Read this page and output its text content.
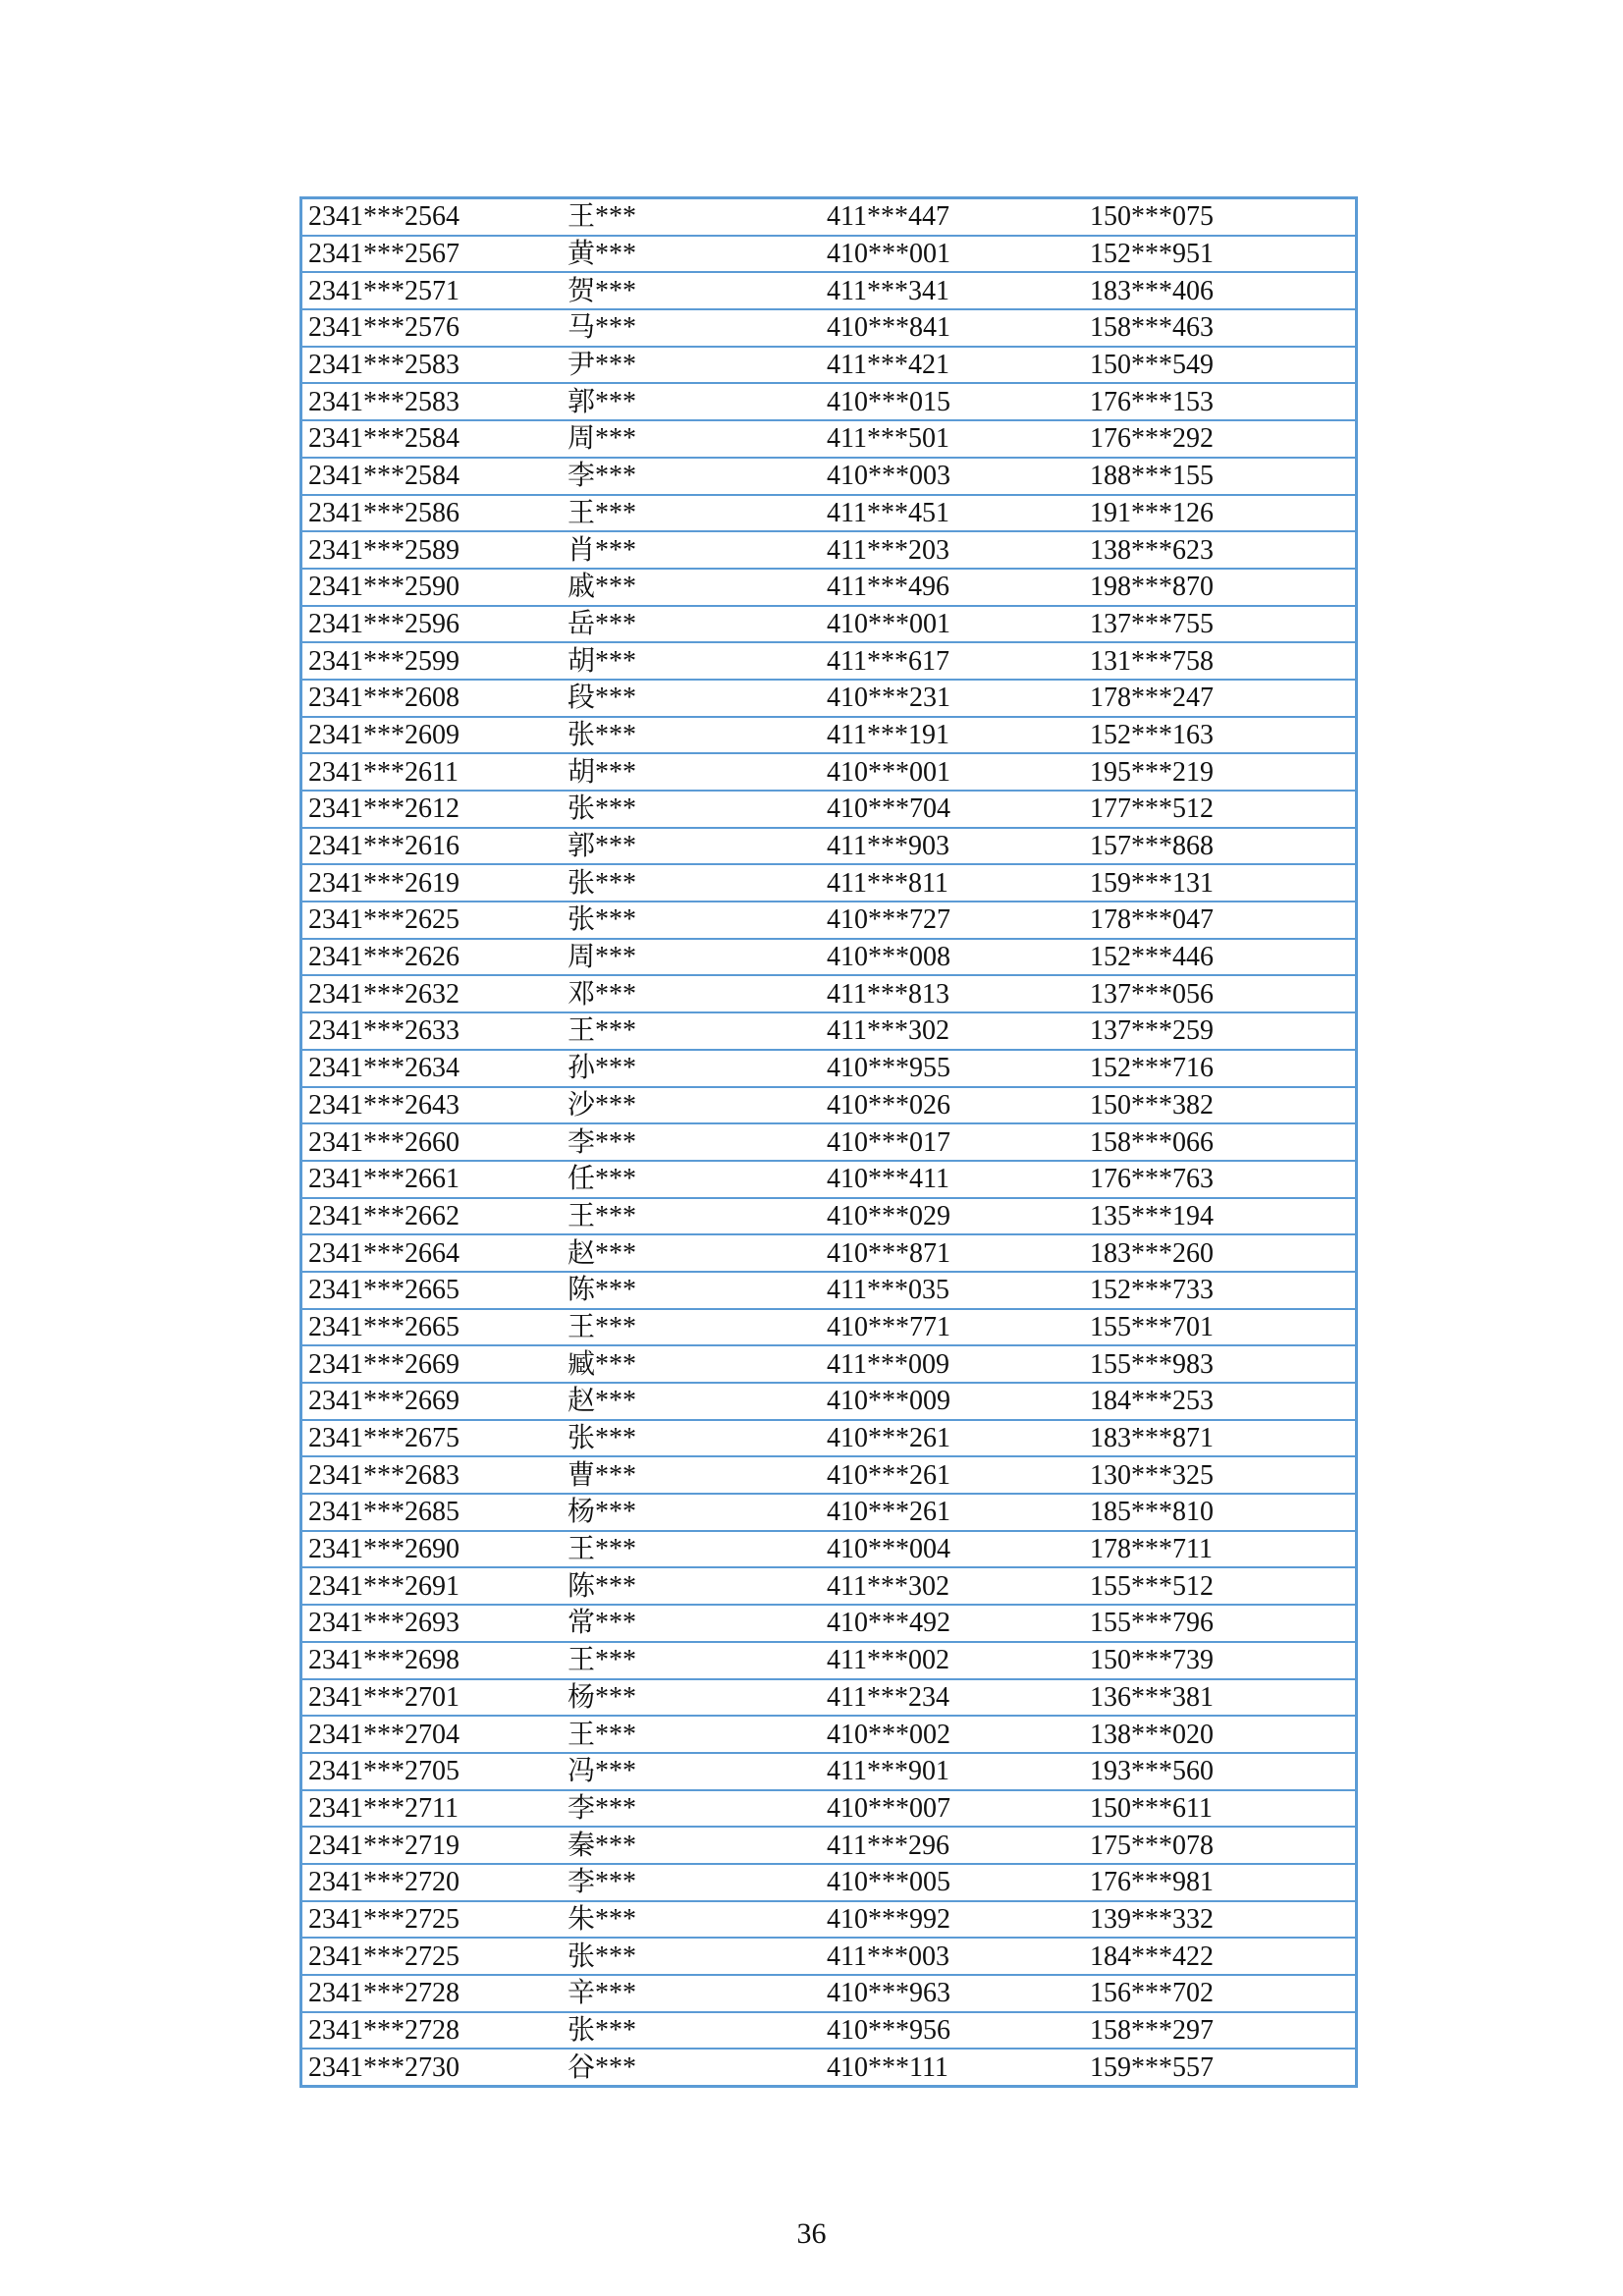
2341***2564	王***	411***447	150***075
2341***2567	黄***	410***001	152***951
2341***2571	贺***	411***341	183***406
2341***2576	马***	410***841	158***463
2341***2583	尹***	411***421	150***549
2341***2583	郭***	410***015	176***153
2341***2584	周***	411***501	176***292
2341***2584	李***	410***003	188***155
2341***2586	王***	411***451	191***126
2341***2589	肖***	411***203	138***623
2341***2590	戚***	411***496	198***870
2341***2596	岳***	410***001	137***755
2341***2599	胡***	411***617	131***758
2341***2608	段***	410***231	178***247
2341***2609	张***	411***191	152***163
2341***2611	胡***	410***001	195***219
2341***2612	张***	410***704	177***512
2341***2616	郭***	411***903	157***868
2341***2619	张***	411***811	159***131
2341***2625	张***	410***727	178***047
2341***2626	周***	410***008	152***446
2341***2632	邓***	411***813	137***056
2341***2633	王***	411***302	137***259
2341***2634	孙***	410***955	152***716
2341***2643	沙***	410***026	150***382
2341***2660	李***	410***017	158***066
2341***2661	任***	410***411	176***763
2341***2662	王***	410***029	135***194
2341***2664	赵***	410***871	183***260
2341***2665	陈***	411***035	152***733
2341***2665	王***	410***771	155***701
2341***2669	臧***	411***009	155***983
2341***2669	赵***	410***009	184***253
2341***2675	张***	410***261	183***871
2341***2683	曹***	410***261	130***325
2341***2685	杨***	410***261	185***810
2341***2690	王***	410***004	178***711
2341***2691	陈***	411***302	155***512
2341***2693	常***	410***492	155***796
2341***2698	王***	411***002	150***739
2341***2701	杨***	411***234	136***381
2341***2704	王***	410***002	138***020
2341***2705	冯***	411***901	193***560
2341***2711	李***	410***007	150***611
2341***2719	秦***	411***296	175***078
2341***2720	李***	410***005	176***981
2341***2725	朱***	410***992	139***332
2341***2725	张***	411***003	184***422
2341***2728	辛***	410***963	156***702
2341***2728	张***	410***956	158***297
2341***2730	谷***	410***111	159***557
36
